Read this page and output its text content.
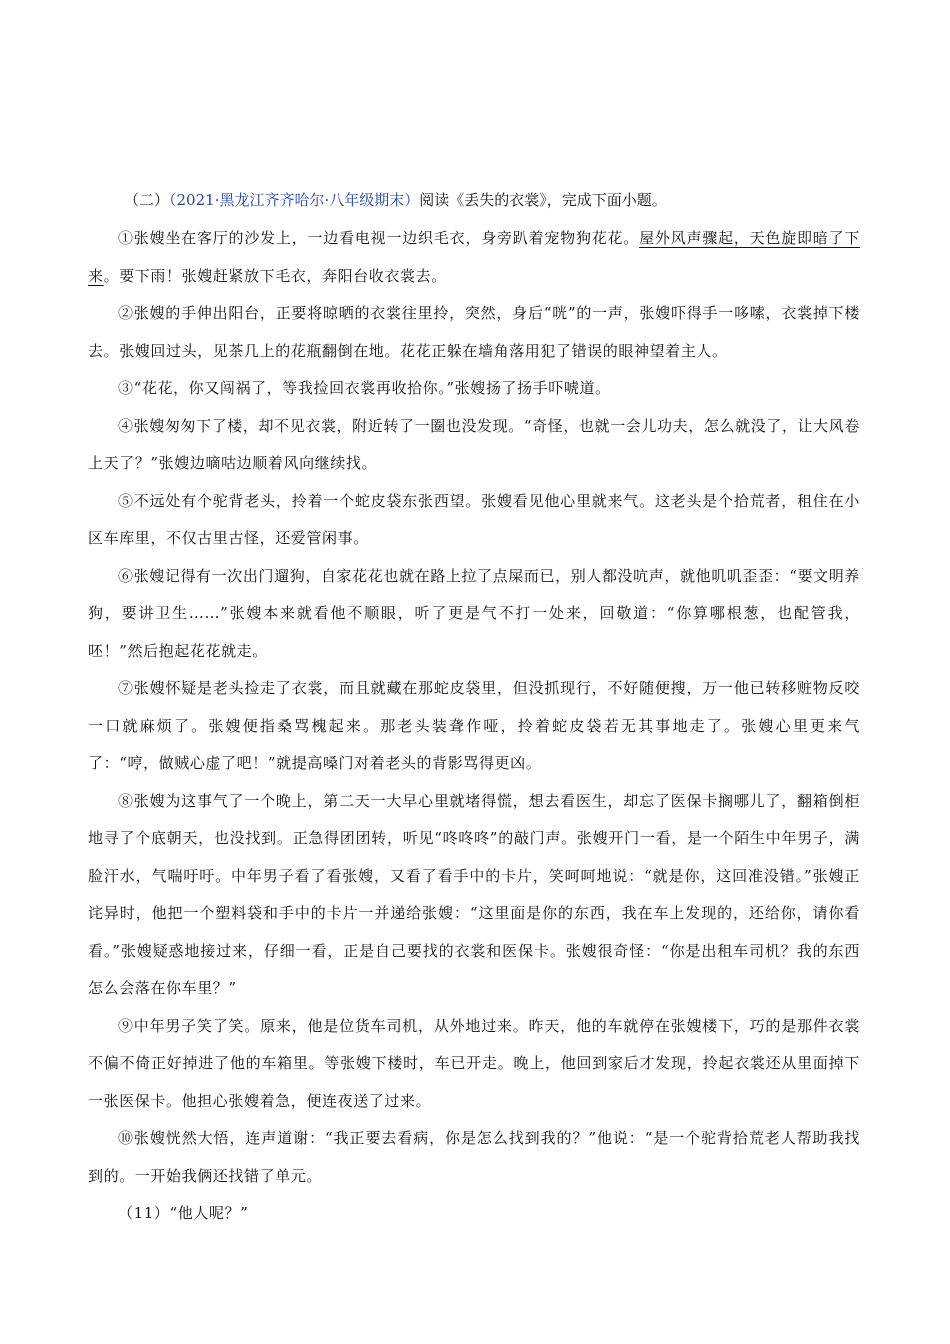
（二）（2021·黑龙江齐齐哈尔·八年级期末）阅读《丢失的衣裳》，完成下面小题。

①张嫂坐在客厅的沙发上，一边看电视一边织毛衣，身旁趴着宠物狗花花。屋外风声骤起，天色旋即暗了下来。要下雨！张嫂赶紧放下毛衣，奔阳台收衣裳去。

②张嫂的手伸出阳台，正要将晾晒的衣裳往里拎，突然，身后“咣”的一声，张嫂吓得手一哆嗦，衣裳掉下楼去。张嫂回过头，见茶几上的花瓶翻倒在地。花花正躲在墙角落用犯了错误的眼神望着主人。

③“花花，你又闯祸了，等我捡回衣裳再收拾你。”张嫂扬了扬手吓唬道。

④张嫂匆匆下了楼，却不见衣裳，附近转了一圈也没发现。“奇怪，也就一会儿功夫，怎么就没了，让大风卷上天了？”张嫂边嘀咕边顺着风向继续找。

⑤不远处有个驼背老头，拎着一个蛇皮袋东张西望。张嫂看见他心里就来气。这老头是个拾荒者，租住在小区车库里，不仅古里古怪，还爱管闲事。

⑥张嫂记得有一次出门遛狗，自家花花也就在路上拉了点屎而已，别人都没吭声，就他叽叽歪歪：“要文明养狗，要讲卫生……”张嫂本来就看他不顺眼，听了更是气不打一处来，回敬道：“你算哪根葱，也配管我，呸！”然后抱起花花就走。

⑦张嫂怀疑是老头捡走了衣裳，而且就藏在那蛇皮袋里，但没抓现行，不好随便搜，万一他已转移赃物反咬一口就麻烦了。张嫂便指桑骂槐起来。那老头装聋作哑，拎着蛇皮袋若无其事地走了。张嫂心里更来气了：“哼，做贼心虚了吧！”就提高嗓门对着老头的背影骂得更凶。

⑧张嫂为这事气了一个晚上，第二天一大早心里就堵得慌，想去看医生，却忘了医保卡搁哪儿了，翻箱倒柜地寻了个底朝天，也没找到。正急得团团转，听见“咚咚咚”的敲门声。张嫂开门一看，是一个陌生中年男子，满脸汗水，气喘吁吁。中年男子看了看张嫂，又看了看手中的卡片，笑呵呵地说：“就是你，这回准没错。”张嫂正诧异时，他把一个塑料袋和手中的卡片一并递给张嫂：“这里面是你的东西，我在车上发现的，还给你，请你看看。”张嫂疑惑地接过来，仔细一看，正是自己要找的衣裳和医保卡。张嫂很奇怪：“你是出租车司机？我的东西怎么会落在你车里？”

⑨中年男子笑了笑。原来，他是位货车司机，从外地过来。昨天，他的车就停在张嫂楼下，巧的是那件衣裳不偏不倚正好掉进了他的车箱里。等张嫂下楼时，车已开走。晚上，他回到家后才发现，拎起衣裳还从里面掉下一张医保卡。他担心张嫂着急，便连夜送了过来。

⑩张嫂恍然大悟，连声道谢：“我正要去看病，你是怎么找到我的？”他说：“是一个驼背拾荒老人帮助我找到的。一开始我俩还找错了单元。

（11）“他人呢？”
